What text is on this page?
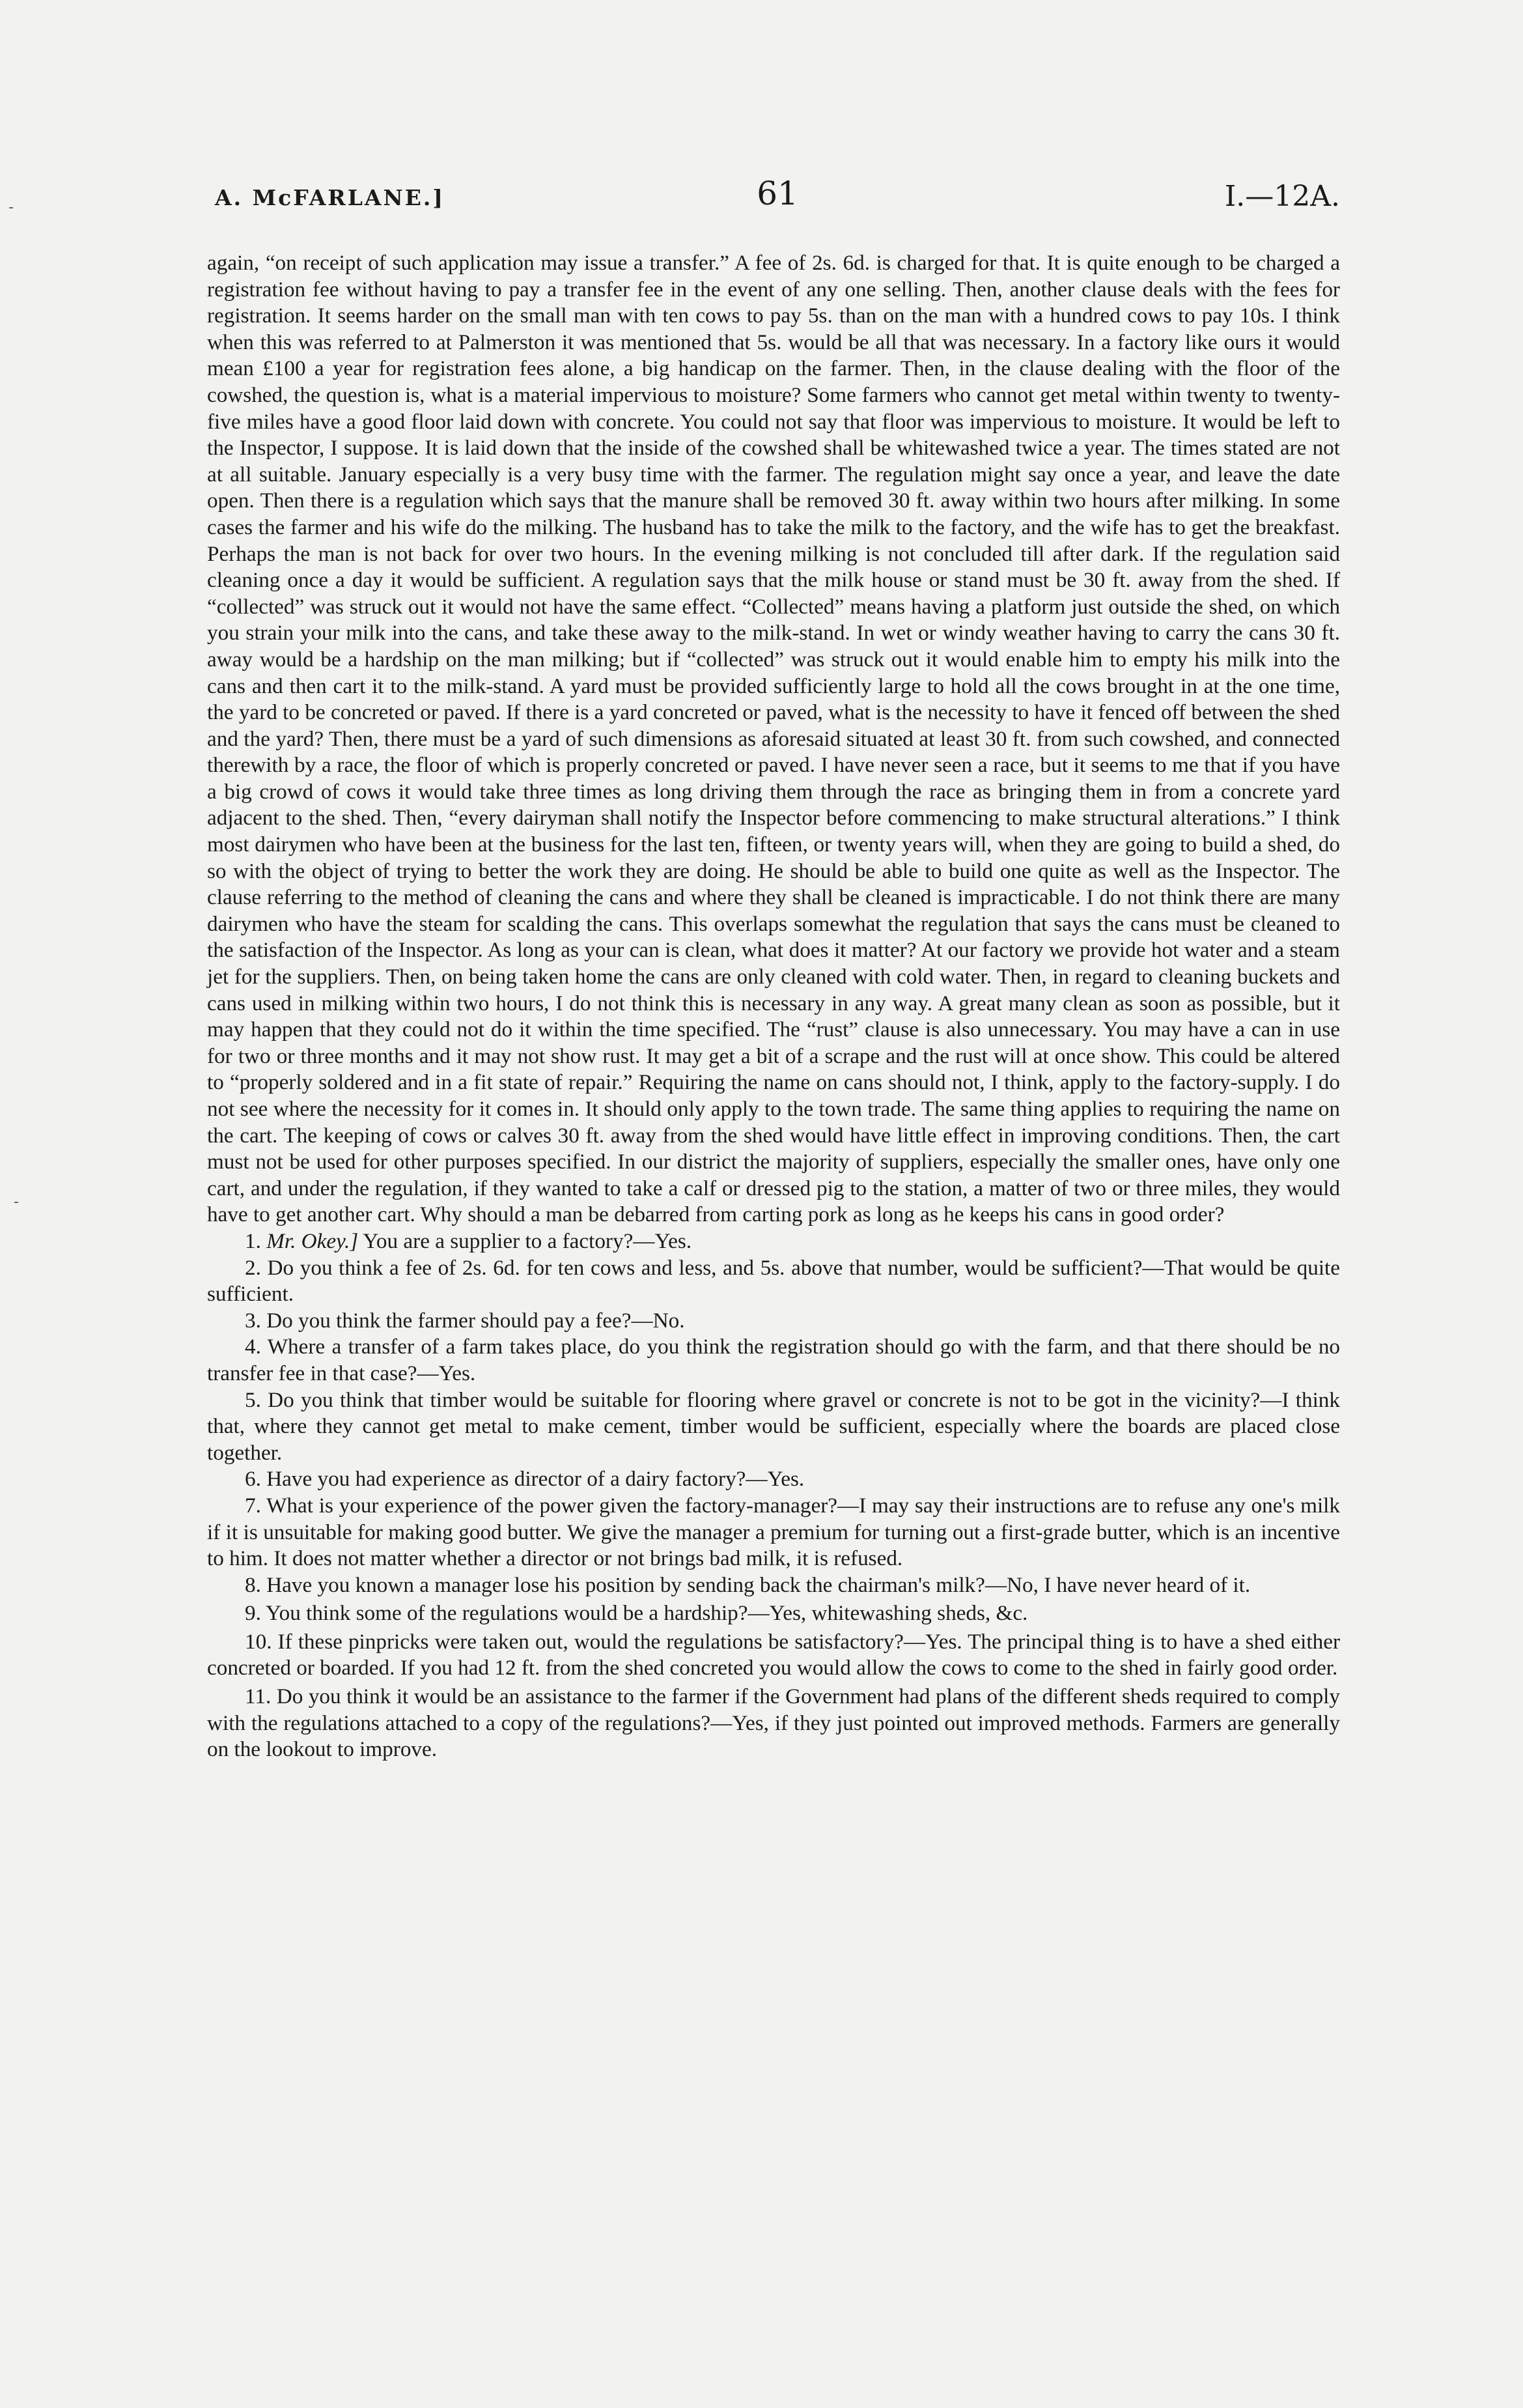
A. McFARLANE.]	61	I.—12A.

again, “on receipt of such application may issue a transfer.” A fee of 2s. 6d. is charged for that. It is quite enough to be charged a registration fee without having to pay a transfer fee in the event of any one selling. Then, another clause deals with the fees for registration. It seems harder on the small man with ten cows to pay 5s. than on the man with a hundred cows to pay 10s. I think when this was referred to at Palmerston it was mentioned that 5s. would be all that was necessary. In a factory like ours it would mean £100 a year for registration fees alone, a big handicap on the farmer. Then, in the clause dealing with the floor of the cowshed, the question is, what is a material impervious to moisture? Some farmers who cannot get metal within twenty to twenty-five miles have a good floor laid down with concrete. You could not say that floor was impervious to moisture. It would be left to the Inspector, I suppose. It is laid down that the inside of the cowshed shall be whitewashed twice a year. The times stated are not at all suitable. January especially is a very busy time with the farmer. The regulation might say once a year, and leave the date open. Then there is a regulation which says that the manure shall be removed 30 ft. away within two hours after milking. In some cases the farmer and his wife do the milking. The husband has to take the milk to the factory, and the wife has to get the breakfast. Perhaps the man is not back for over two hours. In the evening milking is not concluded till after dark. If the regulation said cleaning once a day it would be sufficient. A regulation says that the milk house or stand must be 30 ft. away from the shed. If “collected” was struck out it would not have the same effect. “Collected” means having a platform just outside the shed, on which you strain your milk into the cans, and take these away to the milk-stand. In wet or windy weather having to carry the cans 30 ft. away would be a hardship on the man milking; but if “collected” was struck out it would enable him to empty his milk into the cans and then cart it to the milk-stand. A yard must be provided sufficiently large to hold all the cows brought in at the one time, the yard to be concreted or paved. If there is a yard concreted or paved, what is the necessity to have it fenced off between the shed and the yard? Then, there must be a yard of such dimensions as aforesaid situated at least 30 ft. from such cowshed, and connected therewith by a race, the floor of which is properly concreted or paved. I have never seen a race, but it seems to me that if you have a big crowd of cows it would take three times as long driving them through the race as bringing them in from a concrete yard adjacent to the shed. Then, “every dairyman shall notify the Inspector before commencing to make structural alterations.” I think most dairymen who have been at the business for the last ten, fifteen, or twenty years will, when they are going to build a shed, do so with the object of trying to better the work they are doing. He should be able to build one quite as well as the Inspector. The clause referring to the method of cleaning the cans and where they shall be cleaned is impracticable. I do not think there are many dairymen who have the steam for scalding the cans. This overlaps somewhat the regulation that says the cans must be cleaned to the satisfaction of the Inspector. As long as your can is clean, what does it matter? At our factory we provide hot water and a steam jet for the suppliers. Then, on being taken home the cans are only cleaned with cold water. Then, in regard to cleaning buckets and cans used in milking within two hours, I do not think this is necessary in any way. A great many clean as soon as possible, but it may happen that they could not do it within the time specified. The “rust” clause is also unnecessary. You may have a can in use for two or three months and it may not show rust. It may get a bit of a scrape and the rust will at once show. This could be altered to “properly soldered and in a fit state of repair.” Requiring the name on cans should not, I think, apply to the factory-supply. I do not see where the necessity for it comes in. It should only apply to the town trade. The same thing applies to requiring the name on the cart. The keeping of cows or calves 30 ft. away from the shed would have little effect in improving conditions. Then, the cart must not be used for other purposes specified. In our district the majority of suppliers, especially the smaller ones, have only one cart, and under the regulation, if they wanted to take a calf or dressed pig to the station, a matter of two or three miles, they would have to get another cart. Why should a man be debarred from carting pork as long as he keeps his cans in good order?

1. Mr. Okey.] You are a supplier to a factory?—Yes.

2. Do you think a fee of 2s. 6d. for ten cows and less, and 5s. above that number, would be sufficient?—That would be quite sufficient.

3. Do you think the farmer should pay a fee?—No.

4. Where a transfer of a farm takes place, do you think the registration should go with the farm, and that there should be no transfer fee in that case?—Yes.

5. Do you think that timber would be suitable for flooring where gravel or concrete is not to be got in the vicinity?—I think that, where they cannot get metal to make cement, timber would be sufficient, especially where the boards are placed close together.

6. Have you had experience as director of a dairy factory?—Yes.

7. What is your experience of the power given the factory-manager?—I may say their instructions are to refuse any one's milk if it is unsuitable for making good butter. We give the manager a premium for turning out a first-grade butter, which is an incentive to him. It does not matter whether a director or not brings bad milk, it is refused.

8. Have you known a manager lose his position by sending back the chairman's milk?—No, I have never heard of it.

9. You think some of the regulations would be a hardship?—Yes, whitewashing sheds, &c.

10. If these pinpricks were taken out, would the regulations be satisfactory?—Yes. The principal thing is to have a shed either concreted or boarded. If you had 12 ft. from the shed concreted you would allow the cows to come to the shed in fairly good order.

11. Do you think it would be an assistance to the farmer if the Government had plans of the different sheds required to comply with the regulations attached to a copy of the regulations?—Yes, if they just pointed out improved methods. Farmers are generally on the lookout to improve.
